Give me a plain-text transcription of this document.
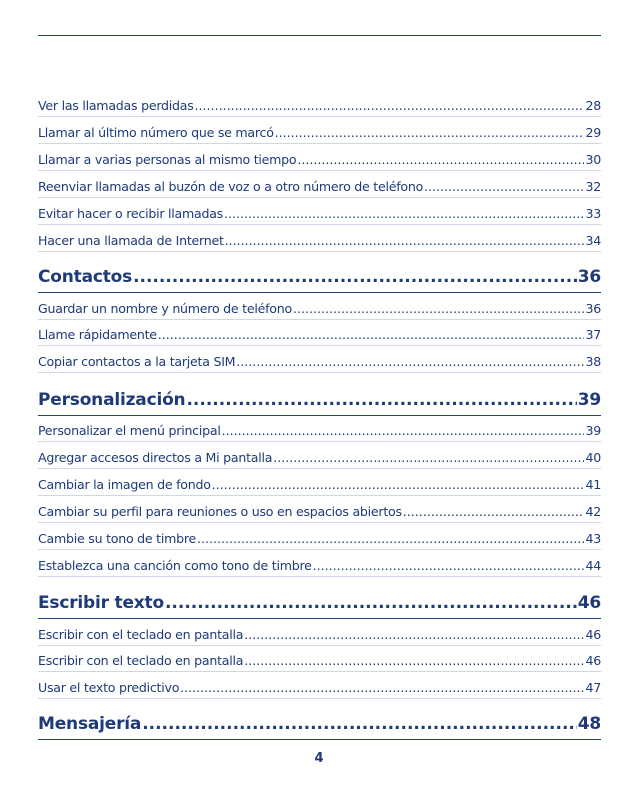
Ver las llamadas perdidas .....	28
Llamar al último número que se marcó .....	29
Llamar a varias personas al mismo tiempo .....	30
Reenviar llamadas al buzón de voz o a otro número de teléfono .....	32
Evitar hacer o recibir llamadas .....	33
Hacer una llamada de Internet .....	34
Contactos .....	36
Guardar un nombre y número de teléfono .....	36
Llame rápidamente .....	37
Copiar contactos a la tarjeta SIM .....	38
Personalización .....	39
Personalizar el menú principal .....	39
Agregar accesos directos a Mi pantalla .....	40
Cambiar la imagen de fondo .....	41
Cambiar su perfil para reuniones o uso en espacios abiertos .....	42
Cambie su tono de timbre .....	43
Establezca una canción como tono de timbre .....	44
Escribir texto .....	46
Escribir con el teclado en pantalla .....	46
Escribir con el teclado en pantalla .....	46
Usar el texto predictivo .....	47
Mensajería .....	48
4
